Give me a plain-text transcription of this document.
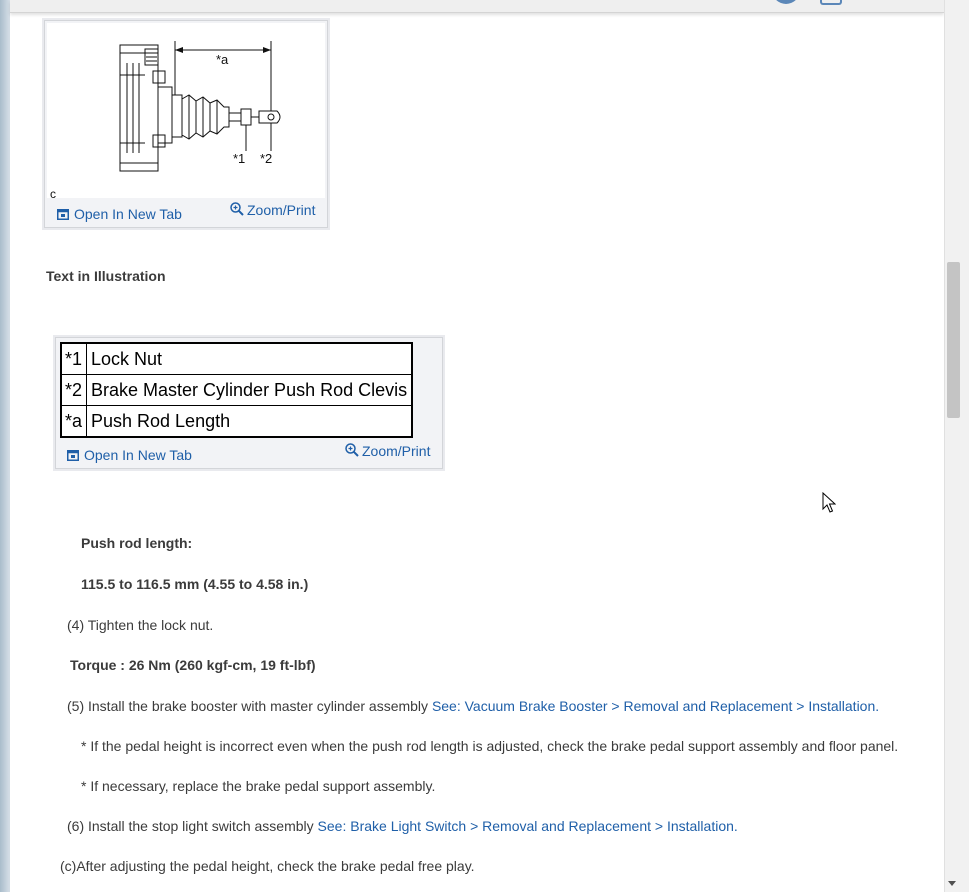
*a
*1 *2
c
Open In New Tab	Zoom/Print
Text in Illustration
*1	Lock Nut
*2	Brake Master Cylinder Push Rod Clevis
*a	Push Rod Length
Open In New Tab	Zoom/Print
Push rod length:
115.5 to 116.5 mm (4.55 to 4.58 in.)
(4) Tighten the lock nut.
Torque : 26 Nm (260 kgf-cm, 19 ft-lbf)
(5) Install the brake booster with master cylinder assembly See: Vacuum Brake Booster > Removal and Replacement > Installation.
* If the pedal height is incorrect even when the push rod length is adjusted, check the brake pedal support assembly and floor panel.
* If necessary, replace the brake pedal support assembly.
(6) Install the stop light switch assembly See: Brake Light Switch > Removal and Replacement > Installation.
(c)After adjusting the pedal height, check the brake pedal free play.
